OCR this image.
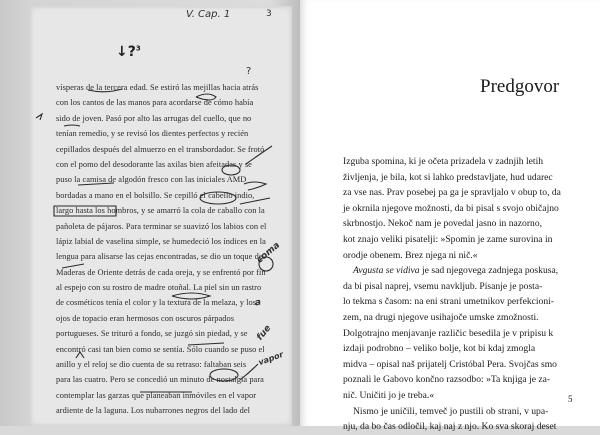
V. Cap. 1	3
↓?$^3$
?
vísperas de la tercera edad. Se estiró las mejillas hacia atrás
con los cantos de las manos para acordarse de cómo había
sido de joven. Pasó por alto las arrugas del cuello, que no
tenían remedio, y se revisó los dientes perfectos y recién
cepillados después del almuerzo en el transbordador. Se frotó
con el pomo del desodorante las axilas bien afeitadas y se
puso la camisa de algodón fresco con las iniciales AMD
bordadas a mano en el bolsillo. Se cepilló el cabello indio,
largo hasta los hombros, y se amarró la cola de caballo con la
pañoleta de pájaros. Para terminar se suavizó los labios con el
lápiz labial de vaselina simple, se humedeció los índices en la
lengua para alisarse las cejas encontradas, se dio un toque de
Maderas de Oriente detrás de cada oreja, y se enfrentó por fin
al espejo con su rostro de madre otoñal. La piel sin un rastro
de cosméticos tenía el color y la textura de la melaza, y los
ojos de topacio eran hermosos con oscuros párpados
portugueses. Se trituró a fondo, se juzgó sin piedad, y se
encontró casi tan bien como se sentía. Sólo cuando se puso el
anillo y el reloj se dio cuenta de su retraso: faltaban seis
para las cuatro. Pero se concedió un minuto de nostalgia para
contemplar las garzas que planeaban inmóviles en el vapor
ardiente de la laguna. Los nubarrones negros del lado del
coma
a
fue
vapor
Predgovor
Izguba spomina, ki je očeta prizadela v zadnjih letih
življenja, je bila, kot si lahko predstavljate, hud udarec
za vse nas. Prav posebej pa ga je spravljalo v obup to, da
je okrnila njegove možnosti, da bi pisal s svojo običajno
skrbnostjo. Nekoč nam je povedal jasno in nazorno,
kot znajo veliki pisatelji: »Spomin je zame surovina in
orodje obenem. Brez njega ni nič.«
Avgusta se vidiva je sad njegovega zadnjega poskusa,
da bi pisal naprej, vsemu navkljub. Pisanje je posta-
lo tekma s časom: na eni strani umetnikov perfekcioni-
zem, na drugi njegove usihajoče umske zmožnosti.
Dolgotrajno menjavanje različic besedila je v pripisu k
izdaji podrobno – veliko bolje, kot bi kdaj zmogla
midva – opisal naš prijatelj Cristóbal Pera. Svojčas smo
poznali le Gabovo končno razsodbo: »Ta knjiga je za-
nič. Uničiti jo je treba.«
Nismo je uničili, temveč jo pustili ob strani, v upa-
nju, da bo čas odločil, kaj naj z njo. Ko sva skoraj deset
5
